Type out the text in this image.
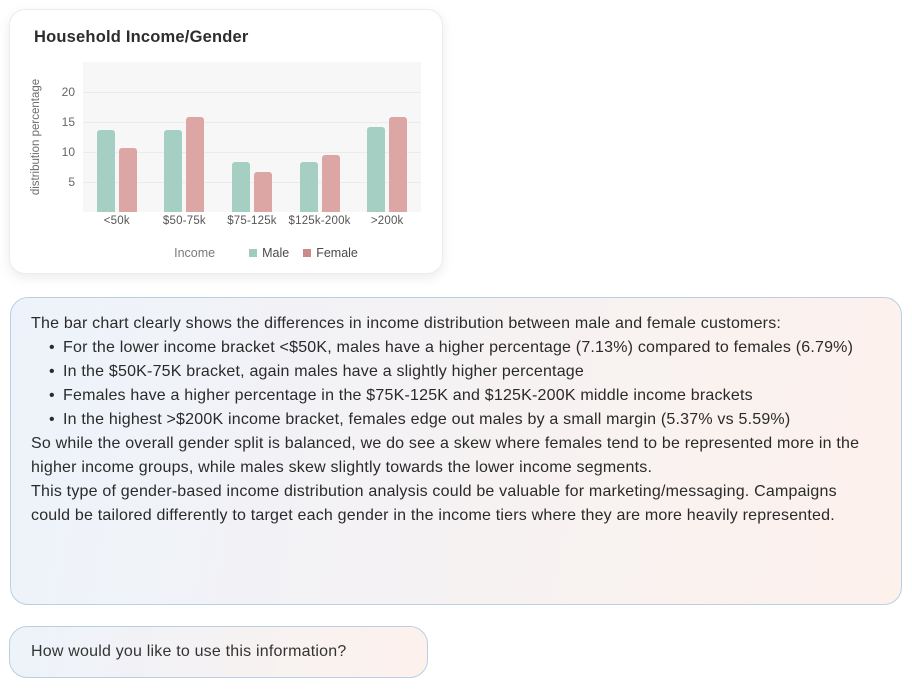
Household Income/Gender
distribution percentage 5
10
15
20
<50k	$50-75k	$75-125k	$125k-200k	>200k
Income	Male Female

The bar chart clearly shows the differences in income distribution between male and female customers:

• For the lower income bracket <$50K, males have a higher percentage (7.13%) compared to females (6.79%)
• In the $50K-75K bracket, again males have a slightly higher percentage
• Females have a higher percentage in the $75K-125K and $125K-200K middle income brackets
• In the highest >$200K income bracket, females edge out males by a small margin (5.37% vs 5.59%)

So while the overall gender split is balanced, we do see a skew where females tend to be represented more in the higher income groups, while males skew slightly towards the lower income segments.

This type of gender-based income distribution analysis could be valuable for marketing/messaging. Campaigns could be tailored differently to target each gender in the income tiers where they are more heavily represented.

How would you like to use this information?
